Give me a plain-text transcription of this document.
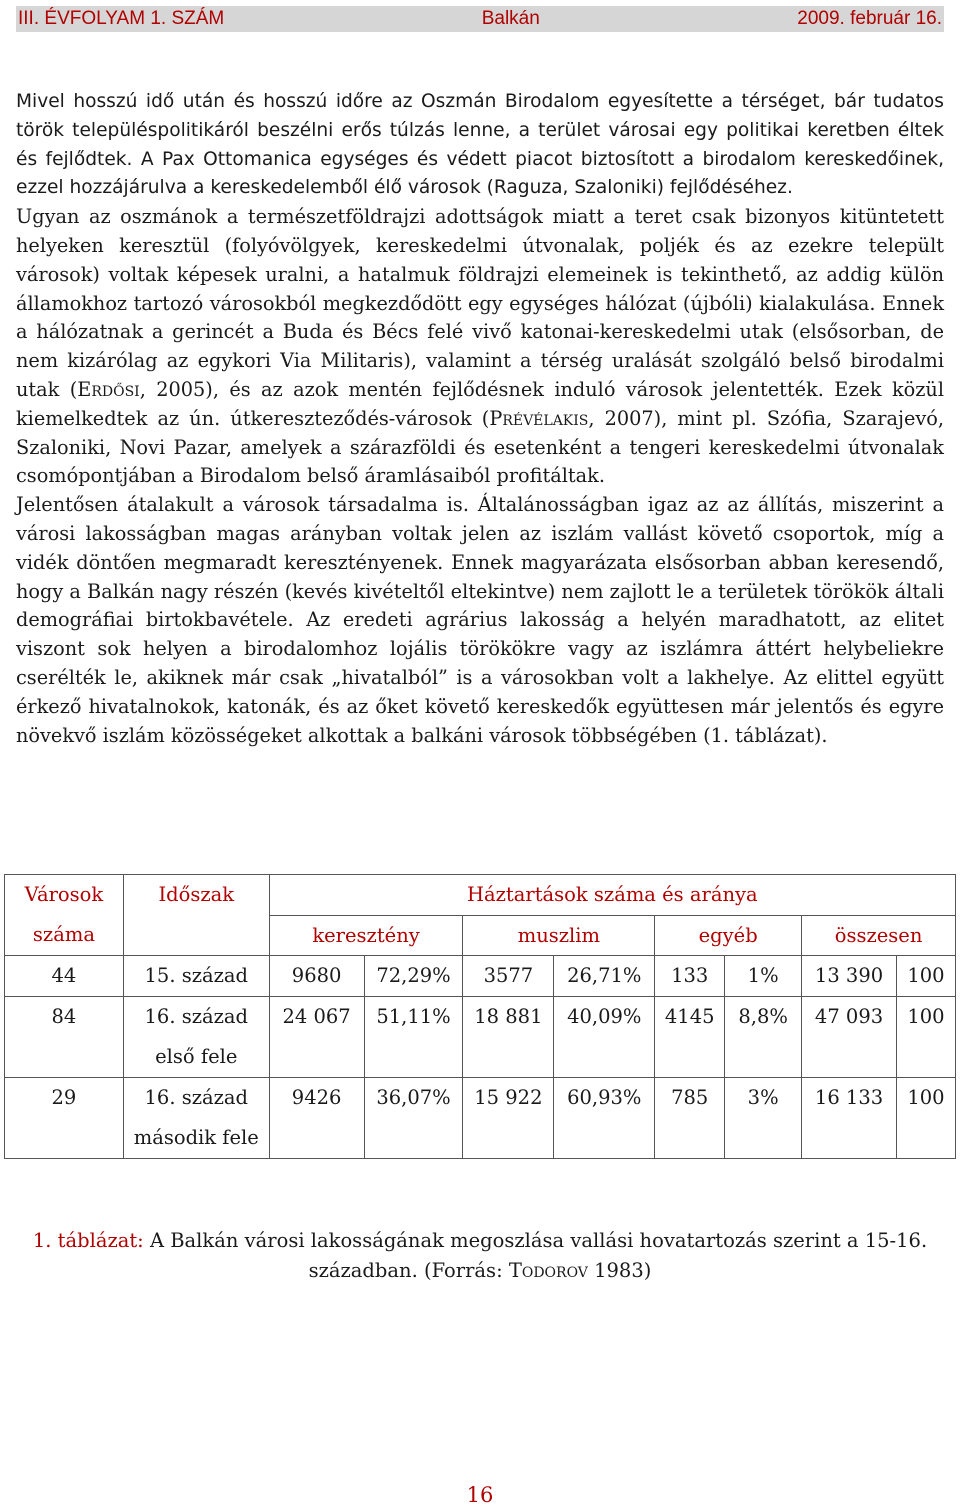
III. ÉVFOLYAM 1. SZÁM	Balkán	2009. február 16.

Mivel hosszú idő után és hosszú időre az Oszmán Birodalom egyesítette a térséget, bár tudatos török településpolitikáról beszélni erős túlzás lenne, a terület városai egy politikai keretben éltek és fejlődtek. A Pax Ottomanica egységes és védett piacot biztosított a birodalom kereskedőinek, ezzel hozzájárulva a kereskedelemből élő városok (Raguza, Szaloniki) fejlődéséhez.

Ugyan az oszmánok a természetföldrajzi adottságok miatt a teret csak bizonyos kitüntetett helyeken keresztül (folyóvölgyek, kereskedelmi útvonalak, poljék és az ezekre települt városok) voltak képesek uralni, a hatalmuk földrajzi elemeinek is tekinthető, az addig külön államokhoz tartozó városokból megkezdődött egy egységes hálózat (újbóli) kialakulása. Ennek a hálózatnak a gerincét a Buda és Bécs felé vivő katonai-kereskedelmi utak (elsősorban, de nem kizárólag az egykori Via Militaris), valamint a térség uralását szolgáló belső birodalmi utak (Erdősi, 2005), és az azok mentén fejlődésnek induló városok jelentették. Ezek közül kiemelkedtek az ún. útkereszteződés-városok (Prévélakis, 2007), mint pl. Szófia, Szarajevó, Szaloniki, Novi Pazar, amelyek a szárazföldi és esetenként a tengeri kereskedelmi útvonalak csomópontjában a Birodalom belső áramlásaiból profitáltak.

Jelentősen átalakult a városok társadalma is. Általánosságban igaz az az állítás, miszerint a városi lakosságban magas arányban voltak jelen az iszlám vallást követő csoportok, míg a vidék döntően megmaradt keresztényenek. Ennek magyarázata elsősorban abban keresendő, hogy a Balkán nagy részén (kevés kivételtől eltekintve) nem zajlott le a területek törökök általi demográfiai birtokbavétele. Az eredeti agrárius lakosság a helyén maradhatott, az elitet viszont sok helyen a birodalomhoz lojális törökökre vagy az iszlámra áttért helybeliekre cserélték le, akiknek már csak „hivatalból” is a városokban volt a lakhelye. Az elittel együtt érkező hivatalnokok, katonák, és az őket követő kereskedők együttesen már jelentős és egyre növekvő iszlám közösségeket alkottak a balkáni városok többségében (1. táblázat).

Városok száma	Időszak	Háztartások száma és aránya							
		keresztény		muszlim		egyéb		összesen	
44	15. század	9680	72,29%	3577	26,71%	133	1%	13 390	100
84	16. század első fele	24 067	51,11%	18 881	40,09%	4145	8,8%	47 093	100
29	16. század második fele	9426	36,07%	15 922	60,93%	785	3%	16 133	100
1. táblázat: A Balkán városi lakosságának megoszlása vallási hovatartozás szerint a 15-16. században. (Forrás: Todorov 1983)
16
